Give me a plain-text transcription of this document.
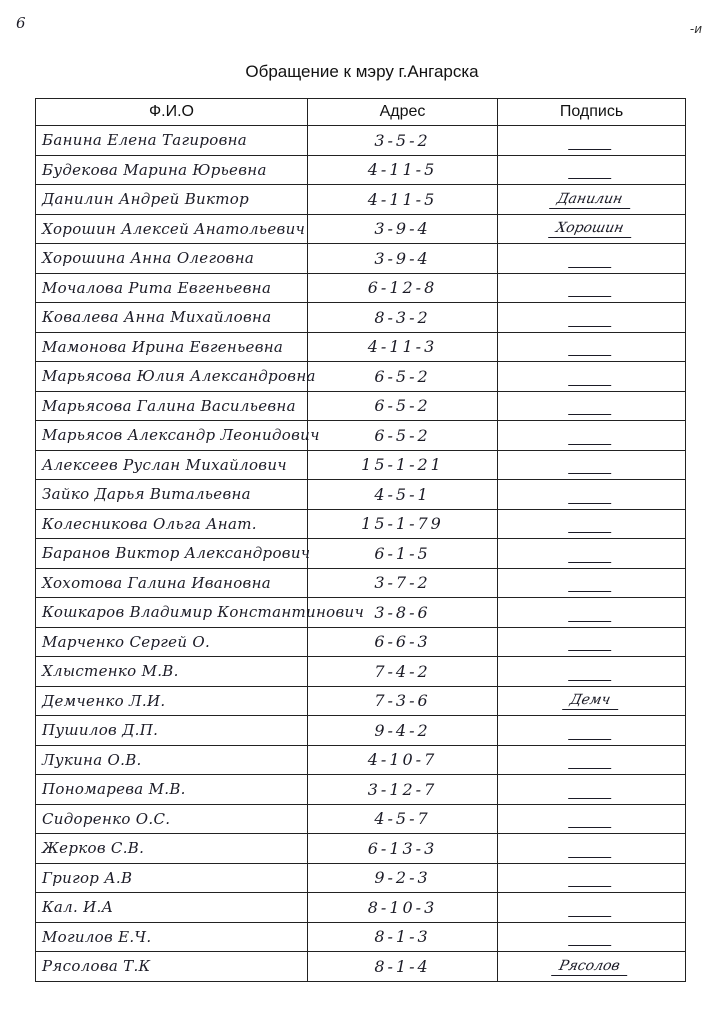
6	-и
Обращение к мэру г.Ангарска
Ф.И.О	Адрес	Подпись
Банина Елена Тагировна	3-5-2	
Будекова Марина Юрьевна	4-11-5	
Данилин Андрей Виктор	4-11-5	Данилин
Хорошин Алексей Анатольевич	3-9-4	Хорошин
Хорошина Анна Олеговна	3-9-4	
Мочалова Рита Евгеньевна	6-12-8	
Ковалева Анна Михайловна	8-3-2	
Мамонова Ирина Евгеньевна	4-11-3	
Марьясова Юлия Александровна	6-5-2	
Марьясова Галина Васильевна	6-5-2	
Марьясов Александр Леонидович	6-5-2	
Алексеев Руслан Михайлович	15-1-21	
Зайко Дарья Витальевна	4-5-1	
Колесникова Ольга Анат.	15-1-79	
Баранов Виктор Александрович	6-1-5	
Хохотова Галина Ивановна	3-7-2	
Кошкаров Владимир Константинович	3-8-6	
Марченко Сергей О.	6-6-3	
Хлыстенко М.В.	7-4-2	
Демченко Л.И.	7-3-6	Демч
Пушилов Д.П.	9-4-2	
Лукина О.В.	4-10-7	
Пономарева М.В.	3-12-7	
Сидоренко О.С.	4-5-7	
Жерков С.В.	6-13-3	
Григор А.В	9-2-3	
Кал. И.А	8-10-3	
Могилов Е.Ч.	8-1-3	
Рясолова Т.К	8-1-4	Рясолов
